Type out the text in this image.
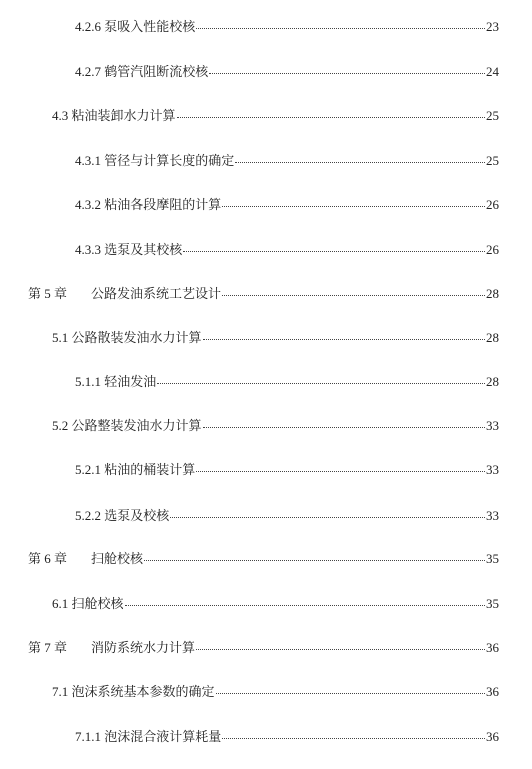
4.2.6 泵吸入性能校核	23
4.2.7 鹤管汽阻断流校核	24
4.3 粘油装卸水力计算	25
4.3.1 管径与计算长度的确定	25
4.3.2 粘油各段摩阻的计算	26
4.3.3 选泵及其校核	26
第 5 章 公路发油系统工艺设计	28
5.1 公路散装发油水力计算	28
5.1.1 轻油发油	28
5.2 公路整装发油水力计算	33
5.2.1 粘油的桶装计算	33
5.2.2 选泵及校核	33
第 6 章 扫舱校核	35
6.1 扫舱校核	35
第 7 章 消防系统水力计算	36
7.1 泡沫系统基本参数的确定	36
7.1.1 泡沫混合液计算耗量	36
